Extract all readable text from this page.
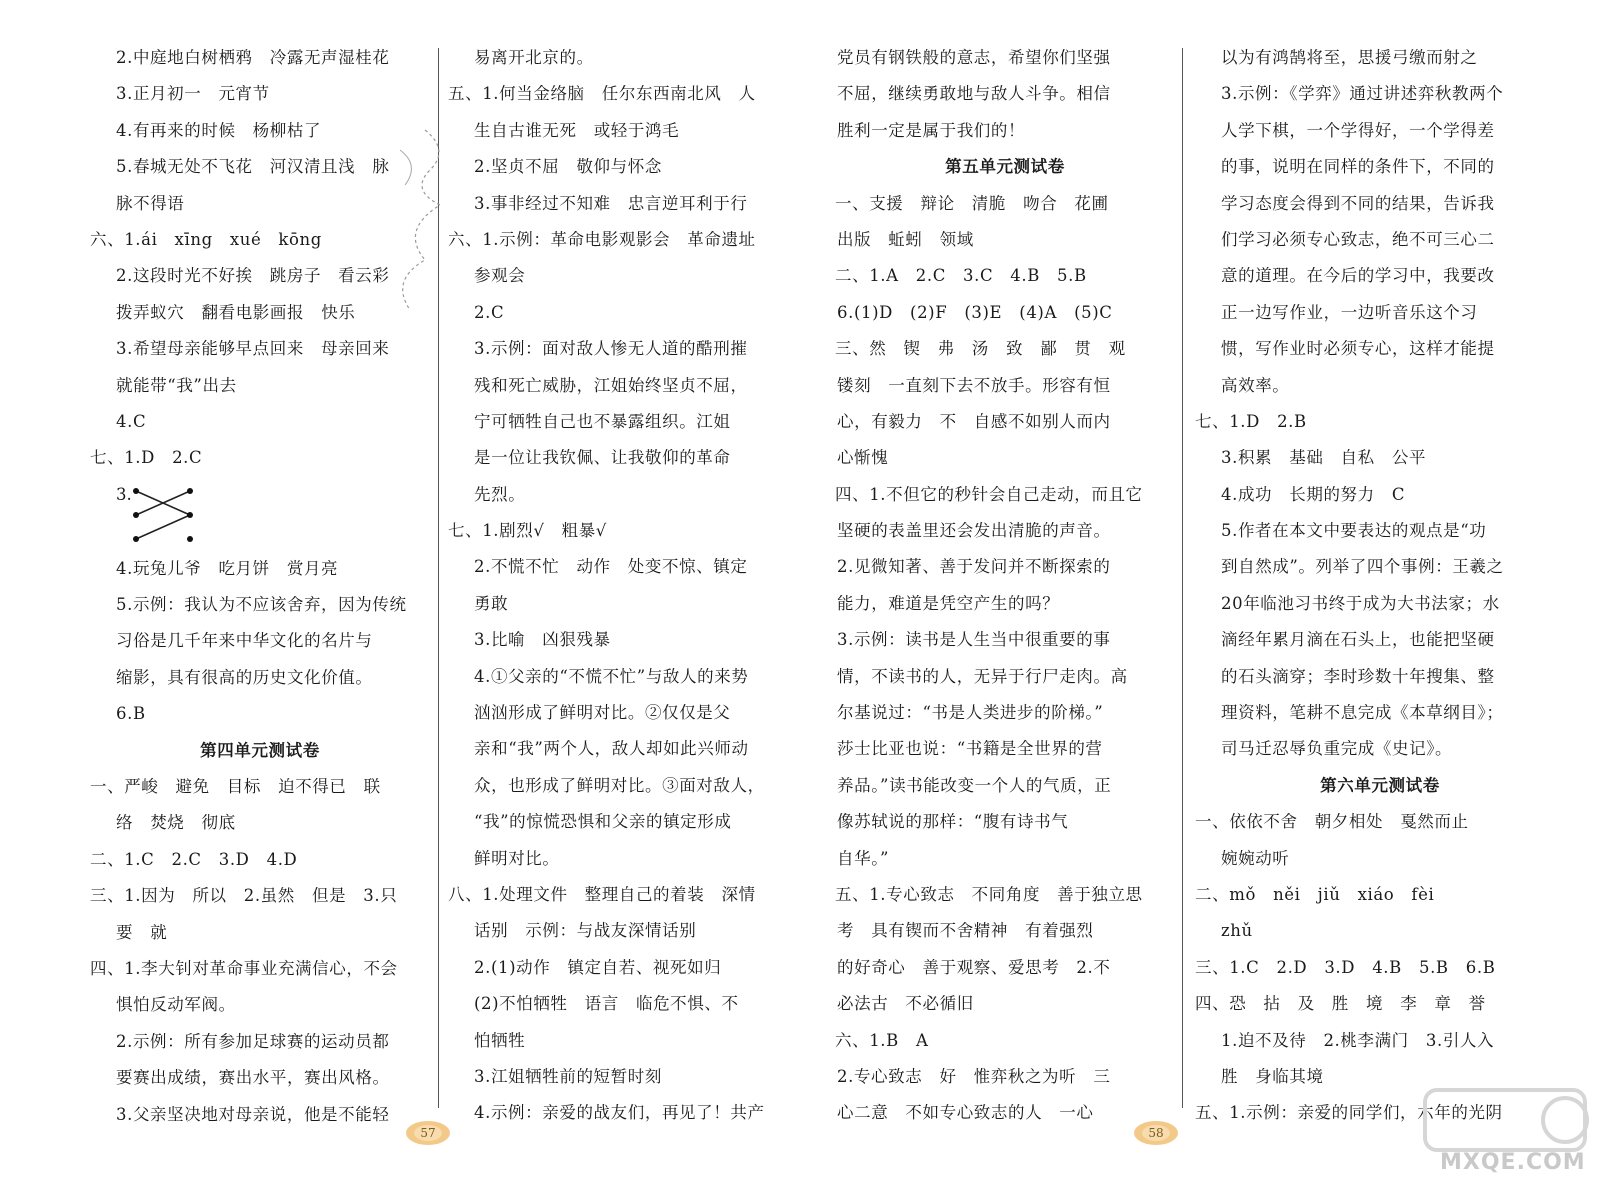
2.中庭地白树栖鸦　冷露无声湿桂花
3.正月初一　元宵节
4.有再来的时候　杨柳枯了
5.春城无处不飞花　河汉清且浅　脉
脉不得语
六、1.ái　xīng　xué　kōng
2.这段时光不好挨　跳房子　看云彩
拨弄蚁穴　翻看电影画报　快乐
3.希望母亲能够早点回来　母亲回来
就能带“我”出去
4.C
七、1.D　2.C
3.
4.玩兔儿爷　吃月饼　赏月亮
5.示例：我认为不应该舍弃，因为传统
习俗是几千年来中华文化的名片与
缩影，具有很高的历史文化价值。
6.B
第四单元测试卷
一、严峻　避免　目标　迫不得已　联
络　焚烧　彻底
二、1.C　2.C　3.D　4.D
三、1.因为　所以　2.虽然　但是　3.只
要　就
四、1.李大钊对革命事业充满信心，不会
惧怕反动军阀。
2.示例：所有参加足球赛的运动员都
要赛出成绩，赛出水平，赛出风格。
3.父亲坚决地对母亲说，他是不能轻
易离开北京的。
五、1.何当金络脑　任尔东西南北风　人
生自古谁无死　或轻于鸿毛
2.坚贞不屈　敬仰与怀念
3.事非经过不知难　忠言逆耳利于行
六、1.示例：革命电影观影会　革命遗址
参观会
2.C
3.示例：面对敌人惨无人道的酷刑摧
残和死亡威胁，江姐始终坚贞不屈，
宁可牺牲自己也不暴露组织。江姐
是一位让我钦佩、让我敬仰的革命
先烈。
七、1.剧烈√　粗暴√
2.不慌不忙　动作　处变不惊、镇定
勇敢
3.比喻　凶狠残暴
4.①父亲的“不慌不忙”与敌人的来势
汹汹形成了鲜明对比。②仅仅是父
亲和“我”两个人，敌人却如此兴师动
众，也形成了鲜明对比。③面对敌人，
“我”的惊慌恐惧和父亲的镇定形成
鲜明对比。
八、1.处理文件　整理自己的着装　深情
话别　示例：与战友深情话别
2.(1)动作　镇定自若、视死如归
(2)不怕牺牲　语言　临危不惧、不
怕牺牲
3.江姐牺牲前的短暂时刻
4.示例：亲爱的战友们，再见了！共产
党员有钢铁般的意志，希望你们坚强
不屈，继续勇敢地与敌人斗争。相信
胜利一定是属于我们的！
第五单元测试卷
一、支援　辩论　清脆　吻合　花圃
出版　蚯蚓　领域
二、1.A　2.C　3.C　4.B　5.B
6.(1)D　(2)F　(3)E　(4)A　(5)C
三、然　锲　弗　汤　致　鄙　贯　观
镂刻　一直刻下去不放手。形容有恒
心，有毅力　不　自感不如别人而内
心惭愧
四、1.不但它的秒针会自己走动，而且它
坚硬的表盖里还会发出清脆的声音。
2.见微知著、善于发问并不断探索的
能力，难道是凭空产生的吗？
3.示例：读书是人生当中很重要的事
情，不读书的人，无异于行尸走肉。高
尔基说过：“书是人类进步的阶梯。”
莎士比亚也说：“书籍是全世界的营
养品。”读书能改变一个人的气质，正
像苏轼说的那样：“腹有诗书气
自华。”
五、1.专心致志　不同角度　善于独立思
考　具有锲而不舍精神　有着强烈
的好奇心　善于观察、爱思考　2.不
必法古　不必循旧
六、1.B　A
2.专心致志　好　惟弈秋之为听　三
心二意　不如专心致志的人　一心
以为有鸿鹄将至，思援弓缴而射之
3.示例：《学弈》通过讲述弈秋教两个
人学下棋，一个学得好，一个学得差
的事，说明在同样的条件下，不同的
学习态度会得到不同的结果，告诉我
们学习必须专心致志，绝不可三心二
意的道理。在今后的学习中，我要改
正一边写作业，一边听音乐这个习
惯，写作业时必须专心，这样才能提
高效率。
七、1.D　2.B
3.积累　基础　自私　公平
4.成功　长期的努力　C
5.作者在本文中要表达的观点是“功
到自然成”。列举了四个事例：王羲之
20年临池习书终于成为大书法家；水
滴经年累月滴在石头上，也能把坚硬
的石头滴穿；李时珍数十年搜集、整
理资料，笔耕不息完成《本草纲目》；
司马迁忍辱负重完成《史记》。
第六单元测试卷
一、依依不舍　朝夕相处　戛然而止
婉婉动听
二、mǒ　něi　jiǔ　xiáo　fèi
zhǔ
三、1.C　2.D　3.D　4.B　5.B　6.B
四、恐　拈　及　胜　境　李　章　誉
1.迫不及待　2.桃李满门　3.引人入
胜　身临其境
五、1.示例：亲爱的同学们，六年的光阴
57	58
MXQE.COM
